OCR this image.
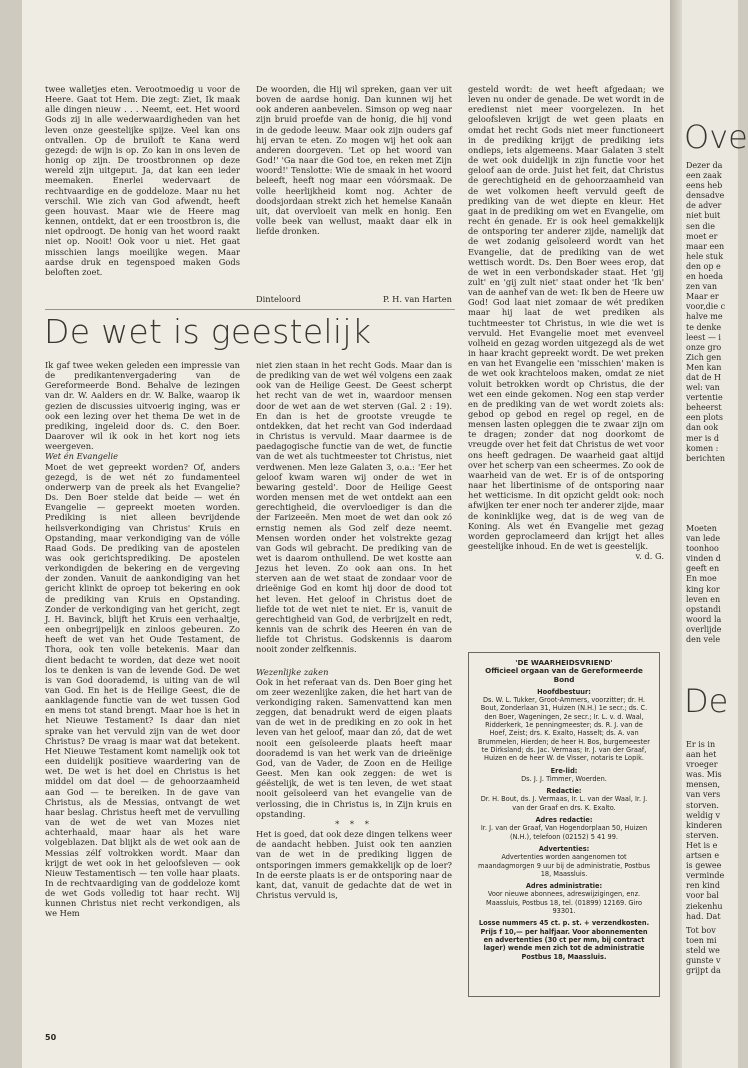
twee walletjes eten. Verootmoedig u voor de Heere. Gaat tot Hem. Die zegt: Ziet, Ik maak alle dingen nieuw . . . Neemt, eet. Het woord Gods zij in alle wederwaardigheden van het leven onze geestelijke spijze. Veel kan ons ontvallen. Op de bruiloft te Kana werd gezegd: de wijn is op. Zo kan in ons leven de honig op zijn. De troostbronnen op deze wereld zijn uitgeput. Ja, dat kan een ieder meemaken. Enerlei wedervaart de rechtvaardige en de goddeloze. Maar nu het verschil. Wie zich van God afwendt, heeft geen houvast. Maar wie de Heere mag kennen, ontdekt, dat er een troostbron is, die niet opdroogt. De honig van het woord raakt niet op. Nooit! Ook voor u niet. Het gaat misschien langs moeilijke wegen. Maar aardse druk en tegenspoed maken Gods beloften zoet.

De woorden, die Hij wil spreken, gaan ver uit boven de aardse honig. Dan kunnen wij het ook anderen aanbevelen. Simson op weg naar zijn bruid proefde van de honig, die hij vond in de gedode leeuw. Maar ook zijn ouders gaf hij ervan te eten. Zo mogen wij het ook aan anderen doorgeven. 'Let op het woord van God!' 'Ga naar die God toe, en reken met Zijn woord!' Tenslotte: Wie de smaak in het woord beleeft, heeft nog maar een vóórsmaak. De volle heerlijkheid komt nog. Achter de doodsjordaan strekt zich het hemelse Kanaän uit, dat overvloeit van melk en honig. Een volle beek van wellust, maakt daar elk in liefde dronken.

Dinteloord	P. H. van Harten
De wet is geestelijk

Ik gaf twee weken geleden een impressie van de predikantenvergadering van de Gereformeerde Bond. Behalve de lezingen van dr. W. Aalders en dr. W. Balke, waarop ik gezien de discussies uitvoerig inging, was er ook een lezing over het thema De wet in de prediking, ingeleid door ds. C. den Boer. Daarover wil ik ook in het kort nog iets weergeven.

Wet én Evangelie

Moet de wet gepreekt worden? Of, anders gezegd, is de wet nét zo fundamenteel onderwerp van de preek als het Evangelie? Ds. Den Boer stelde dat beide — wet én Evangelie — gepreekt moeten worden. Prediking is niet alleen bevrijdende heilsverkondiging van Christus' Kruis en Opstanding, maar verkondiging van de vólle Raad Gods. De prediking van de apostelen was ook gerichtsprediking. De apostelen verkondigden de bekering en de vergeving der zonden. Vanuit de aankondiging van het gericht klinkt de oproep tot bekering en ook de prediking van Kruis en Opstanding. Zonder de verkondiging van het gericht, zegt J. H. Bavinck, blijft het Kruis een verhaaltje, een onbegrijpelijk en zinloos gebeuren. Zo heeft de wet van het Oude Testament, de Thora, ook ten volle betekenis. Maar dan dient bedacht te worden, dat deze wet nooit los te denken is van de levende God. De wet is van God doorademd, is uiting van de wil van God. En het is de Heilige Geest, die de aanklagende functie van de wet tussen God en mens tot stand brengt. Maar hoe is het in het Nieuwe Testament? Is daar dan niet sprake van het vervuld zijn van de wet door Christus? De vraag is maar wat dat betekent. Het Nieuwe Testament komt namelijk ook tot een duidelijk positieve waardering van de wet. De wet is het doel en Christus is het middel om dat doel — de gehoorzaamheid aan God — te bereiken. In de gave van Christus, als de Messias, ontvangt de wet haar beslag. Christus heeft met de vervulling van de wet de wet van Mozes niet achterhaald, maar haar als het ware volgeblazen. Dat blijkt als de wet ook aan de Messias zélf voltrokken wordt. Maar dan krijgt de wet ook in het geloofsleven — ook Nieuw Testamentisch — ten volle haar plaats. In de rechtvaardiging van de goddeloze komt de wet Gods volledig tot haar recht. Wij kunnen Christus niet recht verkondigen, als we Hem

niet zien staan in het recht Gods. Maar dan is de prediking van de wet wél volgens een zaak ook van de Heilige Geest. De Geest scherpt het recht van de wet in, waardoor mensen door de wet aan de wet sterven (Gal. 2 : 19). En dan is het de grootste vreugde te ontdekken, dat het recht van God inderdaad in Christus is vervuld. Maar daarmee is de paedagogische functie van de wet, de functie van de wet als tuchtmeester tot Christus, niet verdwenen. Men leze Galaten 3, o.a.: 'Eer het geloof kwam waren wij onder de wet in bewaring gesteld'. Door de Heilige Geest worden mensen met de wet ontdekt aan een gerechtigheid, die overvloediger is dan die der Farizeeën. Men moet de wet dan ook zó ernstig nemen als God zelf deze neemt. Mensen worden onder het volstrekte gezag van Gods wil gebracht. De prediking van de wet is daarom onthullend. De wet kostte aan Jezus het leven. Zo ook aan ons. In het sterven aan de wet staat de zondaar voor de drieënige God en komt hij door de dood tot het leven. Het geloof in Christus doet de liefde tot de wet niet te niet. Er is, vanuit de gerechtigheid van God, de verbrijzelt en redt, kennis van de schrik des Heeren én van de liefde tot Christus. Godskennis is daarom nooit zonder zelfkennis.

Wezenlijke zaken

Ook in het referaat van ds. Den Boer ging het om zeer wezenlijke zaken, die het hart van de verkondiging raken. Samenvattend kan men zeggen, dat benadrukt werd de eigen plaats van de wet in de prediking en zo ook in het leven van het geloof, maar dan zó, dat de wet nooit een geïsoleerde plaats heeft maar doorademd is van het werk van de drieënige God, van de Vader, de Zoon en de Heilige Geest. Men kan ook zeggen: de wet is géëstelijk, de wet is ten leven, de wet staat nooit geïsoleerd van het evangelie van de verlossing, die in Christus is, in Zijn kruis en opstanding.

* * *

Het is goed, dat ook deze dingen telkens weer de aandacht hebben. Juist ook ten aanzien van de wet in de prediking liggen de ontsporingen immers gemakkelijk op de loer? In de eerste plaats is er de ontsporing naar de kant, dat, vanuit de gedachte dat de wet in Christus vervuld is,

gesteld wordt: de wet heeft afgedaan; we leven nu onder de genade. De wet wordt in de eredienst niet meer voorgelezen. In het geloofsleven krijgt de wet geen plaats en omdat het recht Gods niet meer functioneert in de prediking krijgt de prediking iets ondieps, iets algemeens. Maar Galaten 3 stelt de wet ook duidelijk in zijn functie voor het geloof aan de orde. Juist het feit, dat Christus de gerechtigheid en de gehoorzaamheid van de wet volkomen heeft vervuld geeft de prediking van de wet diepte en kleur. Het gaat in de prediking om wet en Evangelie, om recht én genade. Er is ook heel gemakkelijk de ontsporing ter anderer zijde, namelijk dat de wet zodanig geïsoleerd wordt van het Evangelie, dat de prediking van de wet wettisch wordt. Ds. Den Boer wees erop, dat de wet in een verbondskader staat. Het 'gij zult' en 'gij zult niet' staat onder het 'Ik ben' van de aanhef van de wet: Ik ben de Heere uw God! God laat niet zomaar de wét prediken maar hij laat de wet prediken als tuchtmeester tot Christus, in wie die wet is vervuld. Het Evangelie moet met evenveel volheid en gezag worden uitgezegd als de wet in haar kracht gepreekt wordt. De wet preken en van het Evangelie een 'misschien' maken is de wet ook krachteloos maken, omdat ze niet voluit betrokken wordt op Christus, die der wet een einde gekomen. Nog een stap verder en de prediking van de wet wordt zoiets als: gebod op gebod en regel op regel, en de mensen lasten opleggen die te zwaar zijn om te dragen; zonder dat nog doorkomt de vreugde over het feit dat Christus de wet voor ons heeft gedragen. De waarheid gaat altijd over het scherp van een scheermes. Zo ook de waarheid van de wet. Er is of de ontsporing naar het libertinisme of de ontsporing naar het wetticisme. In dit opzicht geldt ook: noch afwijken ter ener noch ter anderer zijde, maar de koninklijke weg, dat is de weg van de Koning. Als wet én Evangelie met gezag worden geproclameerd dan krijgt het alles geestelijke inhoud. En de wet is geestelijk.

v. d. G.

'DE WAARHEIDSVRIEND'

Officieel orgaan van de Gereformeerde Bond

Hoofdbestuur:

Ds. W. L. Tukker, Groot-Ammers, voorzitter; dr. H. Bout, Zonderlaan 31, Huizen (N.H.) 1e secr.; ds. C. den Boer, Wageningen, 2e secr.; Ir. L. v. d. Waal, Ridderkerk, 1e penningmeester; ds. R. J. van de Hoef, Zeist; drs. K. Exalto, Hasselt; ds. A. van Brummelen, Hierden; de heer H. Bos, burgemeester te Dirksland; ds. Jac. Vermaas; Ir. J. van der Graaf, Huizen en de heer W. de Visser, notaris te Lopik.

Ere-lid:

Ds. J. J. Timmer, Woerden.

Redactie:

Dr. H. Bout, ds. J. Vermaas, Ir. L. van der Waal, Ir. J. van der Graaf en drs. K. Exalto.

Adres redactie:

Ir. J. van der Graaf, Van Hogendorplaan 50, Huizen (N.H.), telefoon (02152) 5 41 99.

Advertenties:

Advertenties worden aangenomen tot maandagmorgen 9 uur bij de administratie, Postbus 18, Maassluis.

Adres administratie:

Voor nieuwe abonnees, adreswijzigingen, enz. Maassluis, Postbus 18, tel. (01899) 12169. Giro 93301.

Losse nummers 45 ct. p. st. + verzendkosten. Prijs f 10,— per halfjaar. Voor abonnementen en advertenties (30 ct per mm, bij contract lager) wende men zich tot de administratie Postbus 18, Maassluis.

50
Ove
Dezer da
een zaak
eens heb
densadve
de adver
niet buit
sen die
moet er
maar een
hele stuk
den op e
en hoeda
zen van
Maar er
voor,die c
halve me
te denke
leest — i
onze gro
Zich gen
Men kan
dat de H
wel: van
vertentie
beheerst
een plots
dan ook
mer is d
komen :
berichten
Moeten
van lede
toonhoo
vinden d
geeft en
En moe
king kor
leven en
opstandi
woord la
overlijde
den vele
De
Er is in
aan het
vroeger
was. Mis
mensen,
van vers
storven.
weldig v
kinderen
sterven.
Het is e
artsen e
is gewee
verminde
ren kind
voor bal
ziekenhu
had. Dat
Tot bov
toen mi
steld we
gunste v
grijpt da
